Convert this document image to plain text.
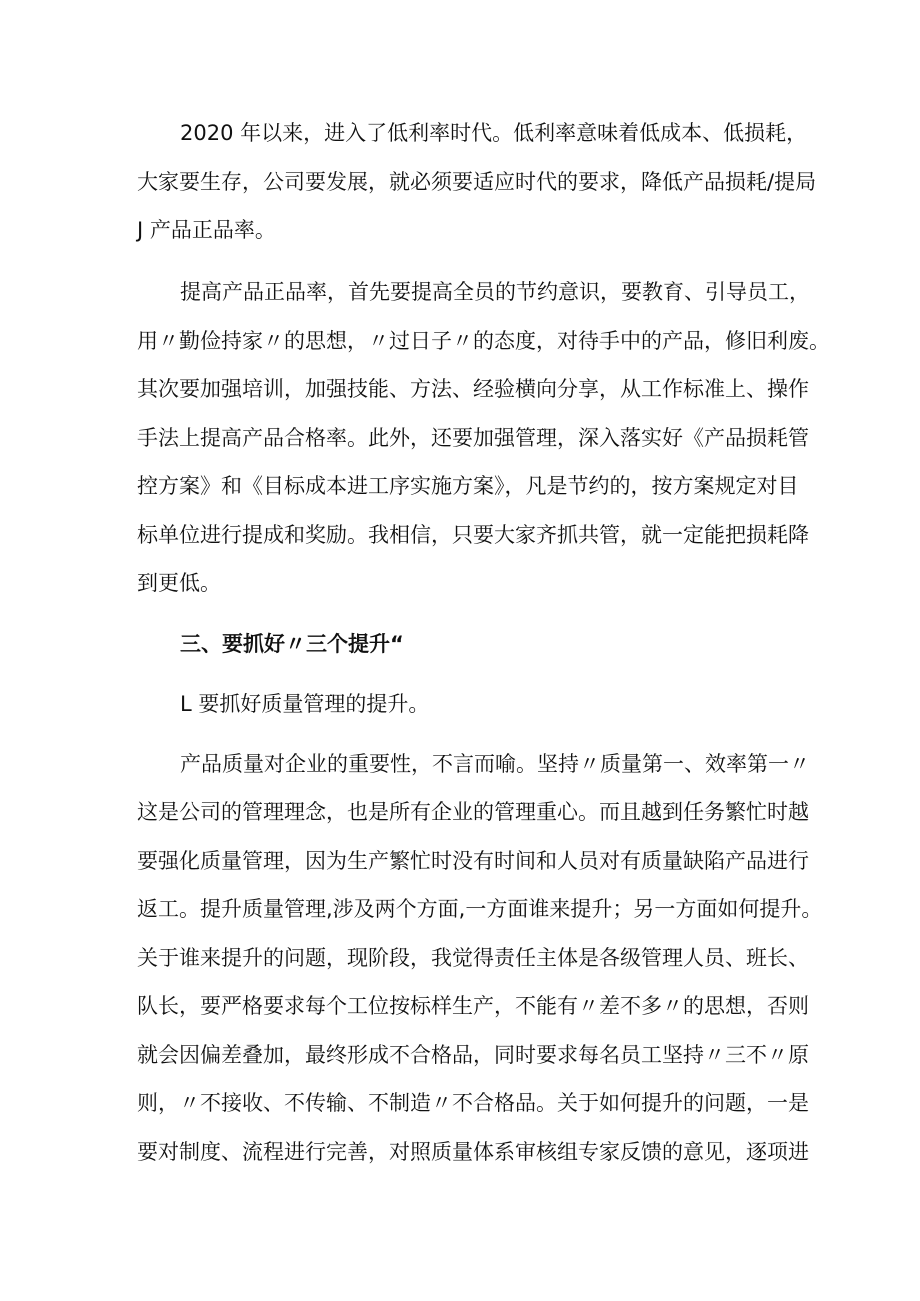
2020 年以来，进入了低利率时代。低利率意味着低成本、低损耗，
大家要生存，公司要发展，就必须要适应时代的要求，降低产品损耗/提局
J 产品正品率。
提高产品正品率，首先要提高全员的节约意识，要教育、引导员工，
用〃勤俭持家〃的思想，〃过日子〃的态度，对待手中的产品，修旧利废。
其次要加强培训，加强技能、方法、经验横向分享，从工作标准上、操作
手法上提高产品合格率。此外，还要加强管理，深入落实好《产品损耗管
控方案》和《目标成本进工序实施方案》，凡是节约的，按方案规定对目
标单位进行提成和奖励。我相信，只要大家齐抓共管，就一定能把损耗降
到更低。
三、要抓好〃三个提升“
L 要抓好质量管理的提升。
产品质量对企业的重要性，不言而喻。坚持〃质量第一、效率第一〃
这是公司的管理理念，也是所有企业的管理重心。而且越到任务繁忙时越
要强化质量管理，因为生产繁忙时没有时间和人员对有质量缺陷产品进行
返工。提升质量管理,涉及两个方面,一方面谁来提升；另一方面如何提升。
关于谁来提升的问题，现阶段，我觉得责任主体是各级管理人员、班长、
队长，要严格要求每个工位按标样生产，不能有〃差不多〃的思想，否则
就会因偏差叠加，最终形成不合格品，同时要求每名员工坚持〃三不〃原
则，〃不接收、不传输、不制造〃不合格品。关于如何提升的问题，一是
要对制度、流程进行完善，对照质量体系审核组专家反馈的意见，逐项进
